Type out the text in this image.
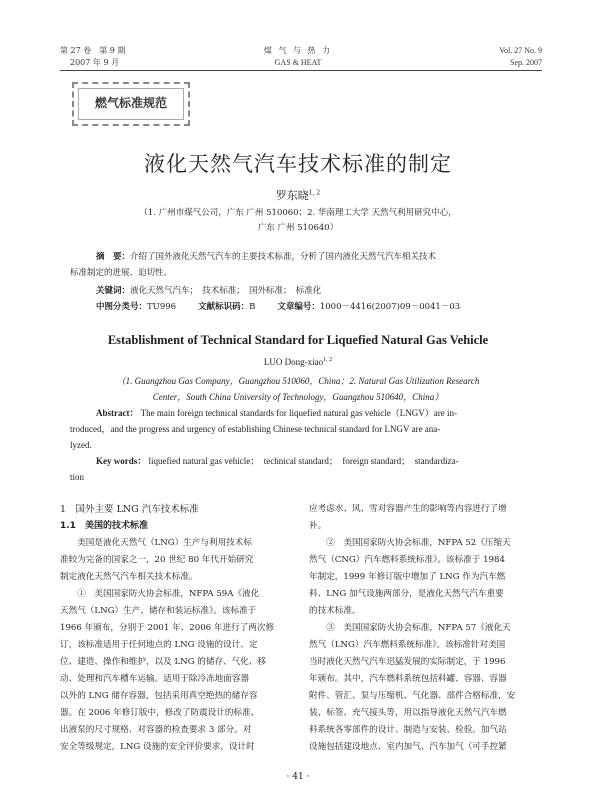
第 27 卷　第 9 期
2007 年 9 月
煤 气 与 热 力
GAS & HEAT
Vol. 27 No. 9
Sep. 2007
燃气标准规范
液化天然气汽车技术标准的制定
罗东晓$^{1, 2}$
（1. 广州市煤气公司，广东 广州 510060；2. 华南理工大学 天然气利用研究中心，
广东 广州 510640）
摘　要：介绍了国外液化天然气汽车的主要技术标准，分析了国内液化天然气汽车相关技术
标准制定的进展、迫切性。
关键词：液化天然气汽车；　技术标准；　国外标准；　标准化
中图分类号：TU996	文献标识码：B	文章编号：1000－4416(2007)09－0041－03
Establishment of Technical Standard for Liquefied Natural Gas Vehicle
LUO Dong-xiao$^{1, 2}$
（1. Guangzhou Gas Company，Guangzhou 510060，China；2. Natural Gas Utilization Research
Center，South China University of Technology，Guangzhou 510640，China）
Abstract： The main foreign technical standards for liquefied natural gas vehicle（LNGV）are in-
troduced，and the progress and urgency of establishing Chinese technical standard for LNGV are ana-
lyzed.
Key words： liquefied natural gas vehicle；　technical standard；　foreign standard；　standardiza-
tion
1　国外主要 LNG 汽车技术标准
1.1　美国的技术标准

　　美国是液化天然气（LNG）生产与利用技术标

准较为完备的国家之一，20 世纪 80 年代开始研究

制定液化天然气汽车相关技术标准。

　　①　美国国家防火协会标准，NFPA 59A《液化

天然气（LNG）生产、储存和装运标准》。该标准于

1966 年颁布，分别于 2001 年、2006 年进行了两次修

订，该标准适用于任何地点的 LNG 设施的设计、定

位、建造、操作和维护，以及 LNG 的储存、气化、移

动、处理和汽车槽车运输。适用于除冷冻地面容器

以外的 LNG 储存容器，包括采用真空绝热的储存容

器。在 2006 年修订版中，修改了防震设计的标准、

出液泵的尺寸规格、对容器的检查要求 3 部分。对

安全等级规定，LNG 设施的安全评价要求，设计时

应考虑水、风、雪对容器产生的影响等内容进行了增

补。

　　②　美国国家防火协会标准，NFPA 52《压缩天

然气（CNG）汽车燃料系统标准》。该标准于 1984

年制定，1999 年修订版中增加了 LNG 作为汽车燃

料、LNG 加气设施两部分，是液化天然气汽车重要

的技术标准。

　　③　美国国家防火协会标准，NFPA 57《液化天

然气（LNG）汽车燃料系统标准》。该标准针对美国

当时液化天然气汽车迅猛发展的实际制定，于 1996

年颁布。其中，汽车燃料系统包括料罐、容器、容器

附件、管汇、泵与压缩机、气化器、部件合格标准，安

装、标签、充气接头等，用以指导液化天然气汽车燃

料系统各零部件的设计、制造与安装、检验。加气站

设施包括建设地点、室内加气、汽车加气（可手控紧

· 41 ·
